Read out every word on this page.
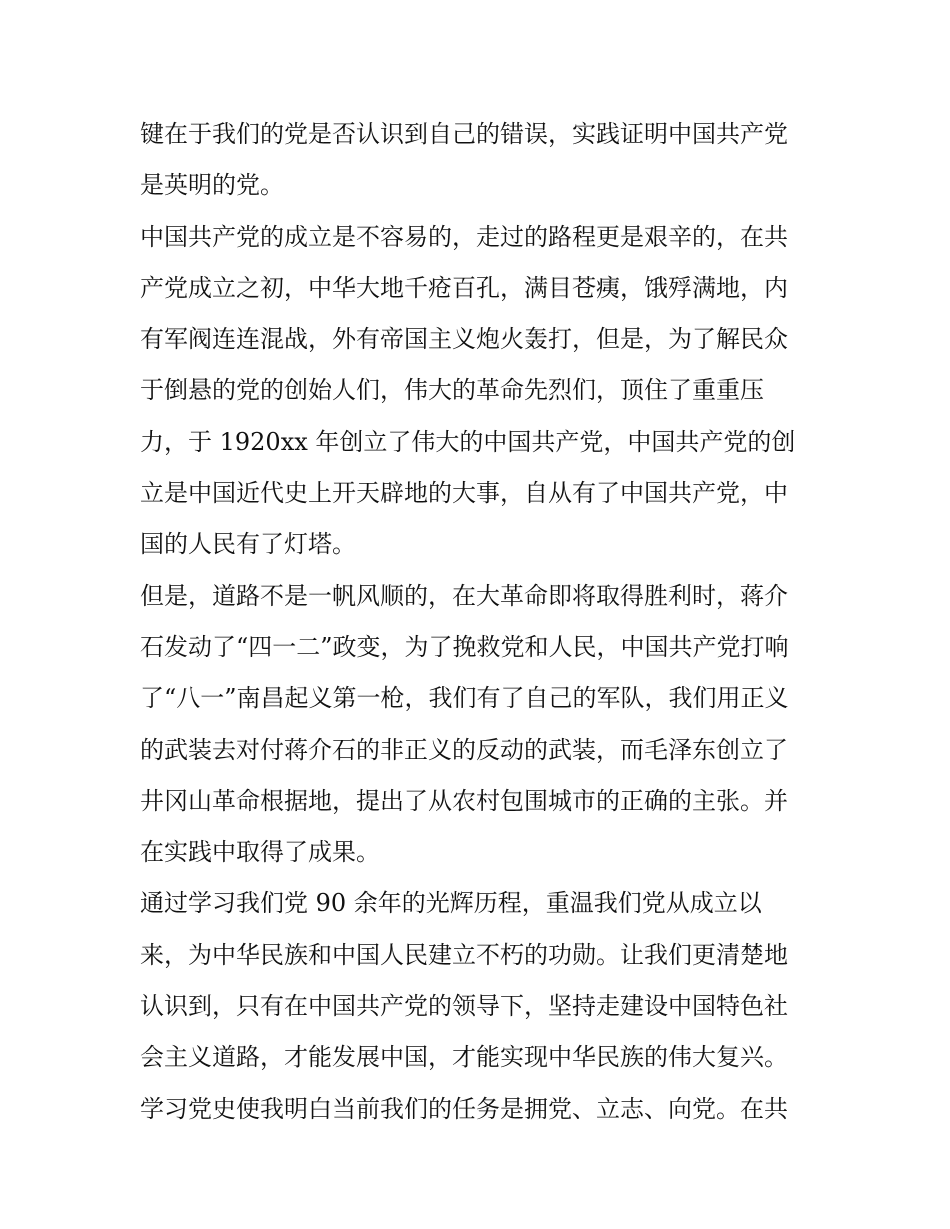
键在于我们的党是否认识到自己的错误，实践证明中国共产党
是英明的党。
中国共产党的成立是不容易的，走过的路程更是艰辛的，在共
产党成立之初，中华大地千疮百孔，满目苍痍，饿殍满地，内
有军阀连连混战，外有帝国主义炮火轰打，但是，为了解民众
于倒悬的党的创始人们，伟大的革命先烈们，顶住了重重压
力，于 1920xx 年创立了伟大的中国共产党，中国共产党的创
立是中国近代史上开天辟地的大事，自从有了中国共产党，中
国的人民有了灯塔。
但是，道路不是一帆风顺的，在大革命即将取得胜利时，蒋介
石发动了“四一二”政变，为了挽救党和人民，中国共产党打响
了“八一”南昌起义第一枪，我们有了自己的军队，我们用正义
的武装去对付蒋介石的非正义的反动的武装，而毛泽东创立了
井冈山革命根据地，提出了从农村包围城市的正确的主张。并
在实践中取得了成果。
通过学习我们党 90 余年的光辉历程，重温我们党从成立以
来，为中华民族和中国人民建立不朽的功勋。让我们更清楚地
认识到，只有在中国共产党的领导下，坚持走建设中国特色社
会主义道路，才能发展中国，才能实现中华民族的伟大复兴。
学习党史使我明白当前我们的任务是拥党、立志、向党。在共
